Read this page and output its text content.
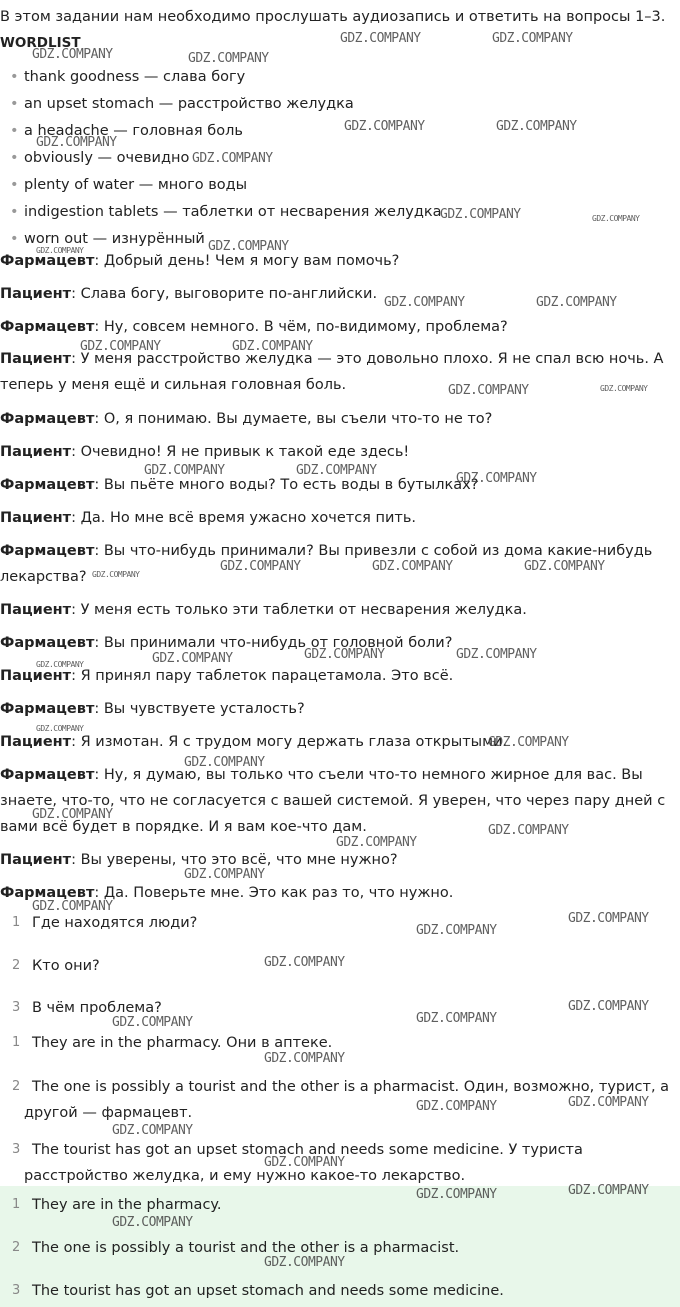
В этом задании нам необходимо прослушать аудиозапись и ответить на вопросы 1–3.
WORDLIST
• thank goodness — слава богу
• an upset stomach — расстройство желудка
• a headache — головная боль
• obviously — очевидно
• plenty of water — много воды
• indigestion tablets — таблетки от несварения желудка
• worn out — изнурённый
Фармацевт: Добрый день! Чем я могу вам помочь?
Пациент: Слава богу, выговорите по-английски.
Фармацевт: Ну, совсем немного. В чём, по-видимому, проблема?
Пациент: У меня расстройство желудка — это довольно плохо. Я не спал всю ночь. А теперь у меня ещё и сильная головная боль.
Фармацевт: О, я понимаю. Вы думаете, вы съели что-то не то?
Пациент: Очевидно! Я не привык к такой еде здесь!
Фармацевт: Вы пьёте много воды? То есть воды в бутылках?
Пациент: Да. Но мне всё время ужасно хочется пить.
Фармацевт: Вы что-нибудь принимали? Вы привезли с собой из дома какие-нибудь лекарства?
Пациент: У меня есть только эти таблетки от несварения желудка.
Фармацевт: Вы принимали что-нибудь от головной боли?
Пациент: Я принял пару таблеток парацетамола. Это всё.
Фармацевт: Вы чувствуете усталость?
Пациент: Я измотан. Я с трудом могу держать глаза открытыми.
Фармацевт: Ну, я думаю, вы только что съели что-то немного жирное для вас. Вы знаете, что-то, что не согласуется с вашей системой. Я уверен, что через пару дней с вами всё будет в порядке. И я вам кое-что дам.
Пациент: Вы уверены, что это всё, что мне нужно?
Фармацевт: Да. Поверьте мне. Это как раз то, что нужно.
1 Где находятся люди?
2 Кто они?
3 В чём проблема?
1 They are in the pharmacy. Они в аптеке.
2 The one is possibly a tourist and the other is a pharmacist. Один, возможно, турист, а другой — фармацевт.
3 The tourist has got an upset stomach and needs some medicine. У туриста расстройство желудка, и ему нужно какое-то лекарство.
1 They are in the pharmacy.
2 The one is possibly a tourist and the other is a pharmacist.
3 The tourist has got an upset stomach and needs some medicine.
GDZ.COMPANY	GDZ.COMPANY
GDZ.COMPANY	GDZ.COMPANY
GDZ.COMPANY	GDZ.COMPANY
GDZ.COMPANY
GDZ.COMPANY
GDZ.COMPANY	GDZ.COMPANY
GDZ.COMPANY	GDZ.COMPANY
GDZ.COMPANY	GDZ.COMPANY
GDZ.COMPANY	GDZ.COMPANY
GDZ.COMPANY	GDZ.COMPANY
GDZ.COMPANY	GDZ.COMPANY
GDZ.COMPANY
GDZ.COMPANY
GDZ.COMPANY	GDZ.COMPANY	GDZ.COMPANY
GDZ.COMPANY	GDZ.COMPANY
GDZ.COMPANY	GDZ.COMPANY
GDZ.COMPANY
GDZ.COMPANY
GDZ.COMPANY
GDZ.COMPANY
GDZ.COMPANY
GDZ.COMPANY
GDZ.COMPANY
GDZ.COMPANY
GDZ.COMPANY
GDZ.COMPANY
GDZ.COMPANY
GDZ.COMPANY
GDZ.COMPANY
GDZ.COMPANY
GDZ.COMPANY
GDZ.COMPANY
GDZ.COMPANY
GDZ.COMPANY
GDZ.COMPANY
GDZ.COMPANY
GDZ.COMPANY
GDZ.COMPANY
GDZ.COMPANY
